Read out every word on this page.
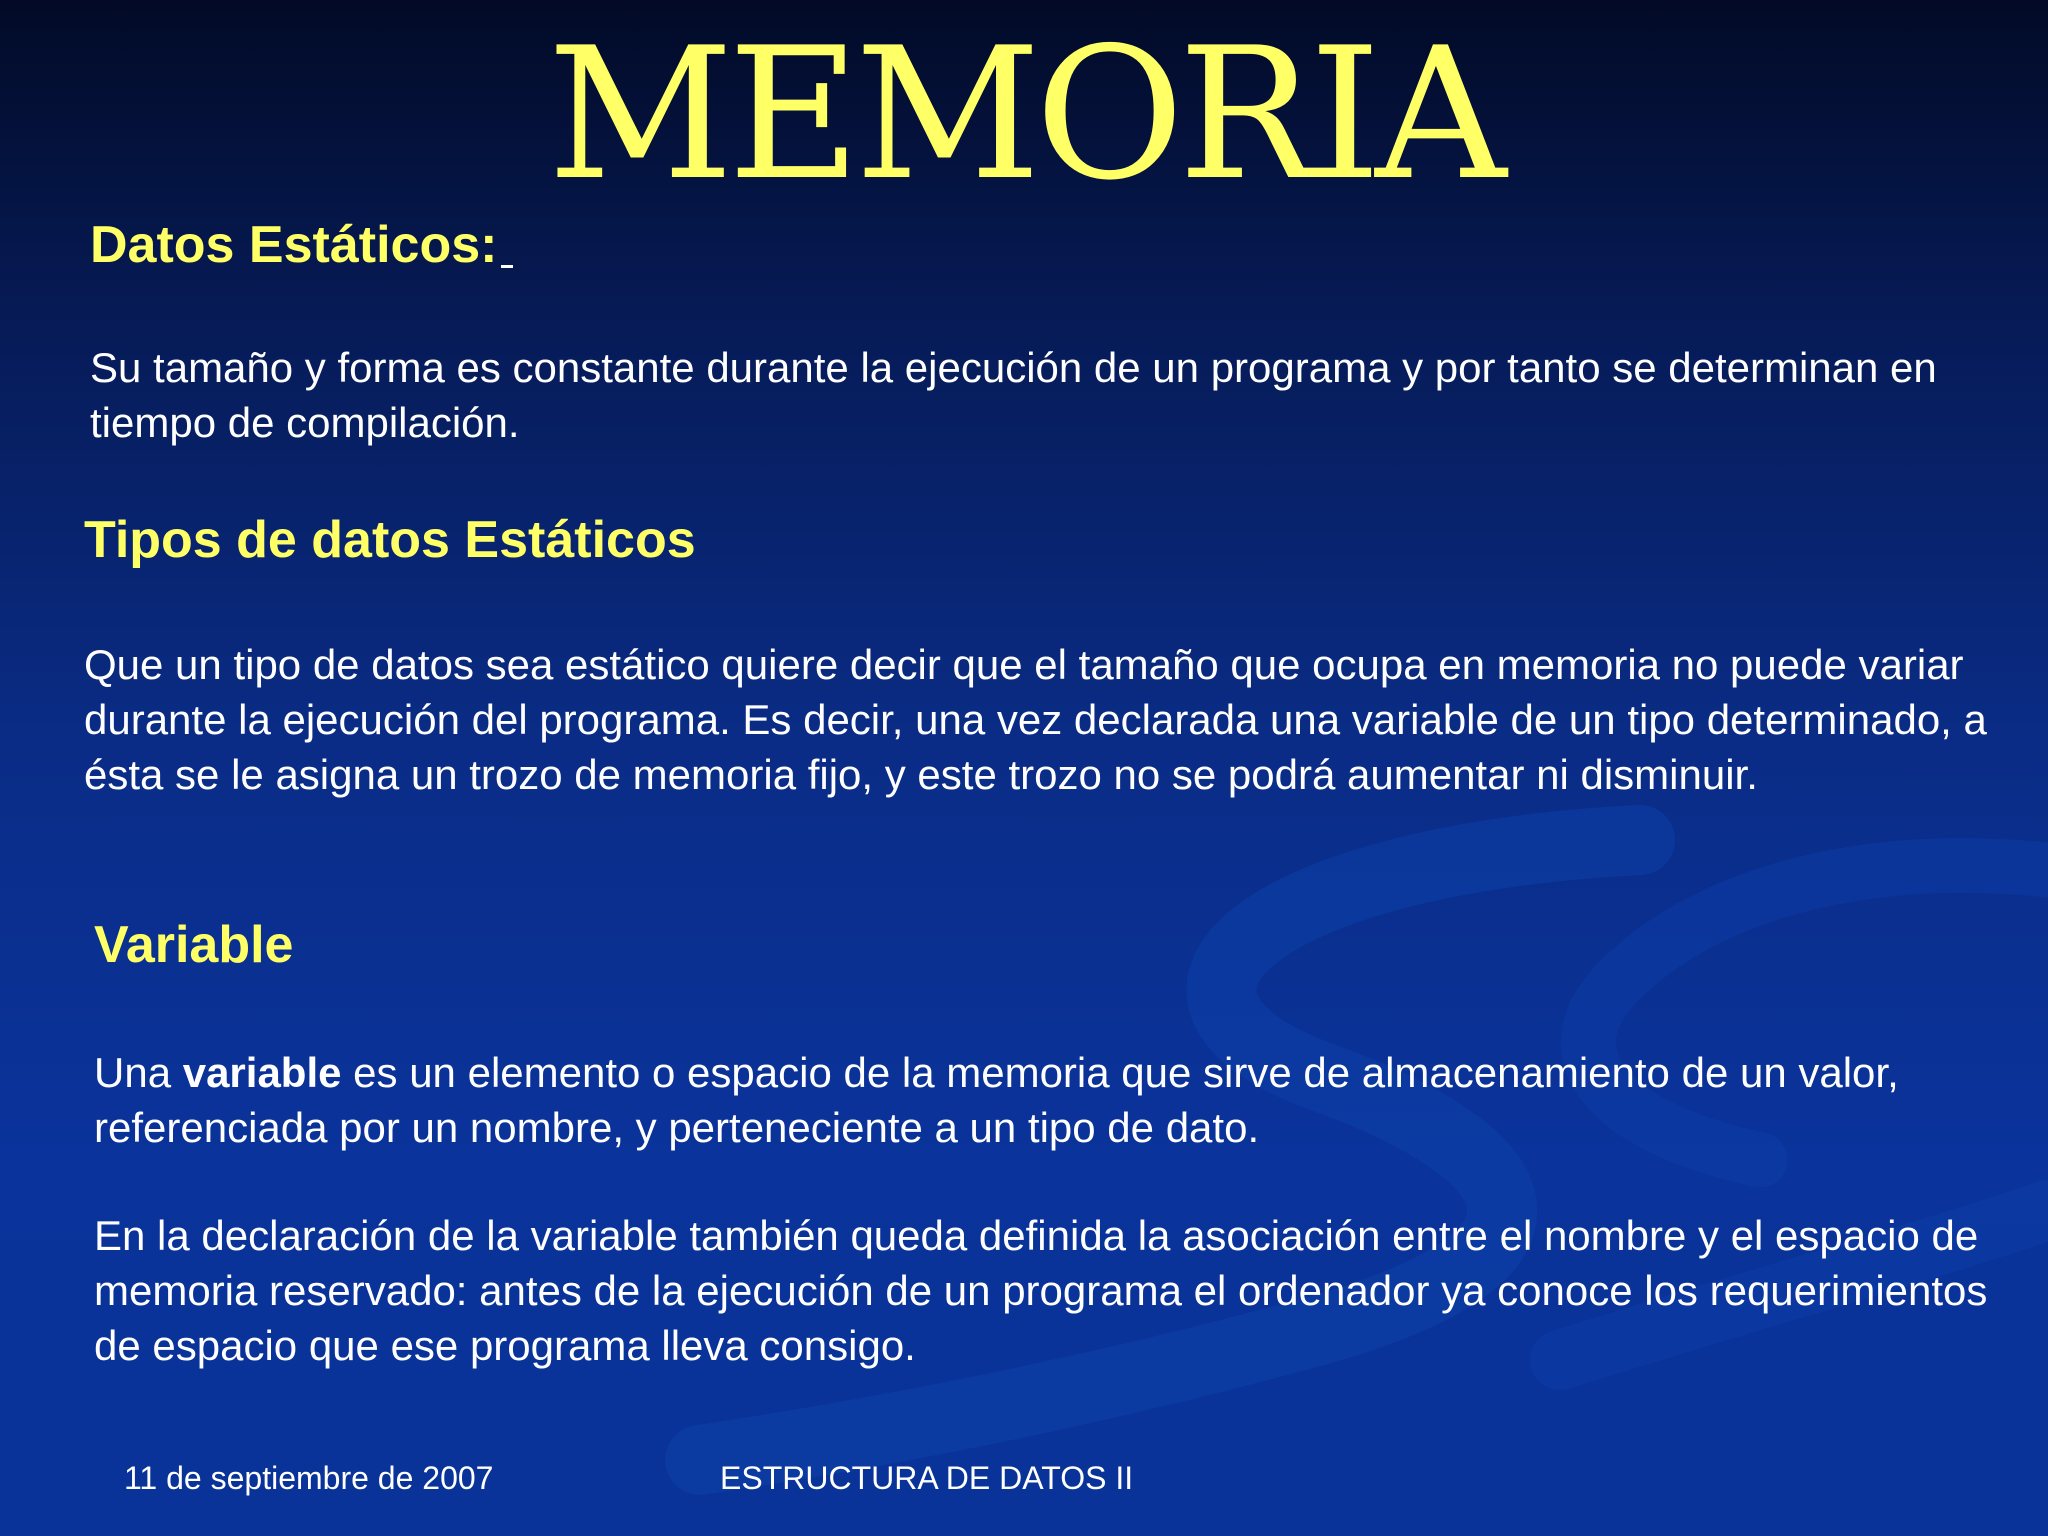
MEMORIA
Datos Estáticos:

Su tamaño y forma es constante durante la ejecución de un programa y por tanto se determinan en tiempo de compilación.

Tipos de datos Estáticos

Que un tipo de datos sea estático quiere decir que el tamaño que ocupa en memoria no puede variar durante la ejecución del programa. Es decir, una vez declarada una variable de un tipo determinado, a ésta se le asigna un trozo de memoria fijo, y este trozo no se podrá aumentar ni disminuir.

Variable

Una variable es un elemento o espacio de la memoria que sirve de almacenamiento de un valor, referenciada por un nombre, y perteneciente a un tipo de dato.

En la declaración de la variable también queda definida la asociación entre el nombre y el espacio de memoria reservado: antes de la ejecución de un programa el ordenador ya conoce los requerimientos de espacio que ese programa lleva consigo.

11 de septiembre de 2007	ESTRUCTURA DE DATOS II
